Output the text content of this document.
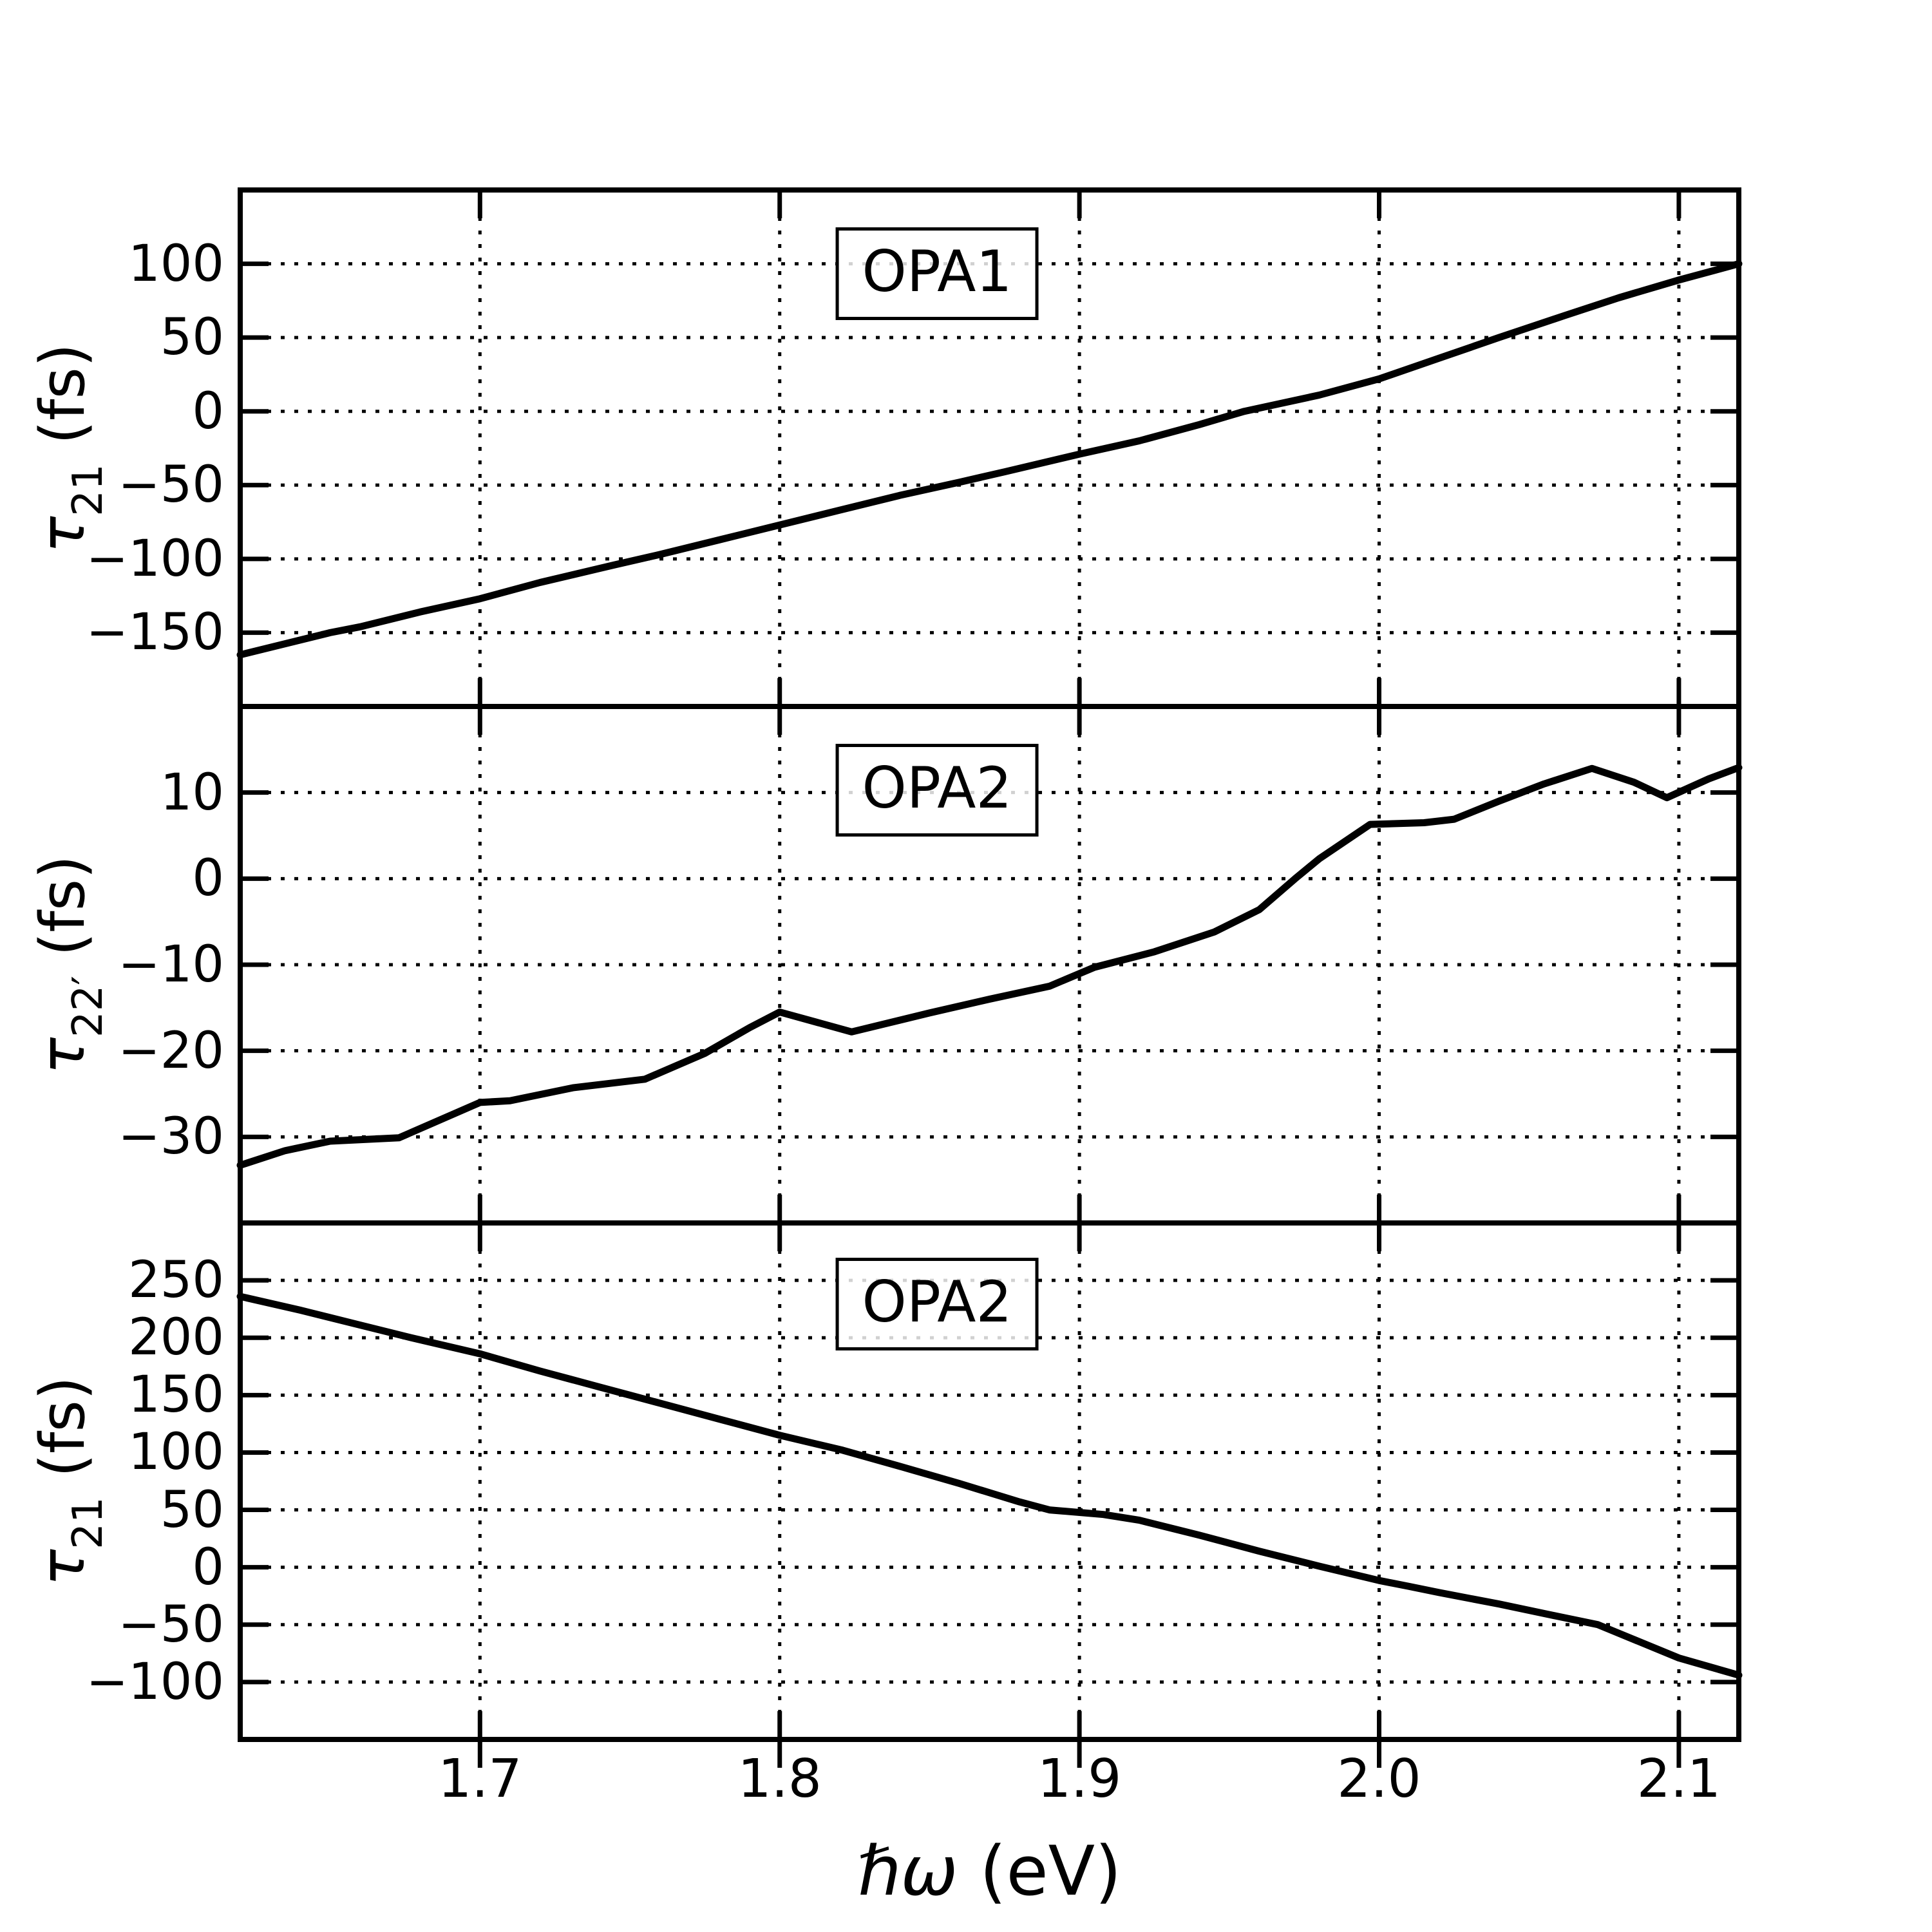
OPA1
OPA2
OPA2
$\tau_{21}$ (fs)
$\tau_{22'}$ (fs)
$\tau_{21}$ (fs)
ℏω (eV)
100
50
0
−50
−100
−150
10
0
−10
−20
−30
250
200
150
100
50
0
−50
−100
1.7	1.8	1.9	2.0	2.1
